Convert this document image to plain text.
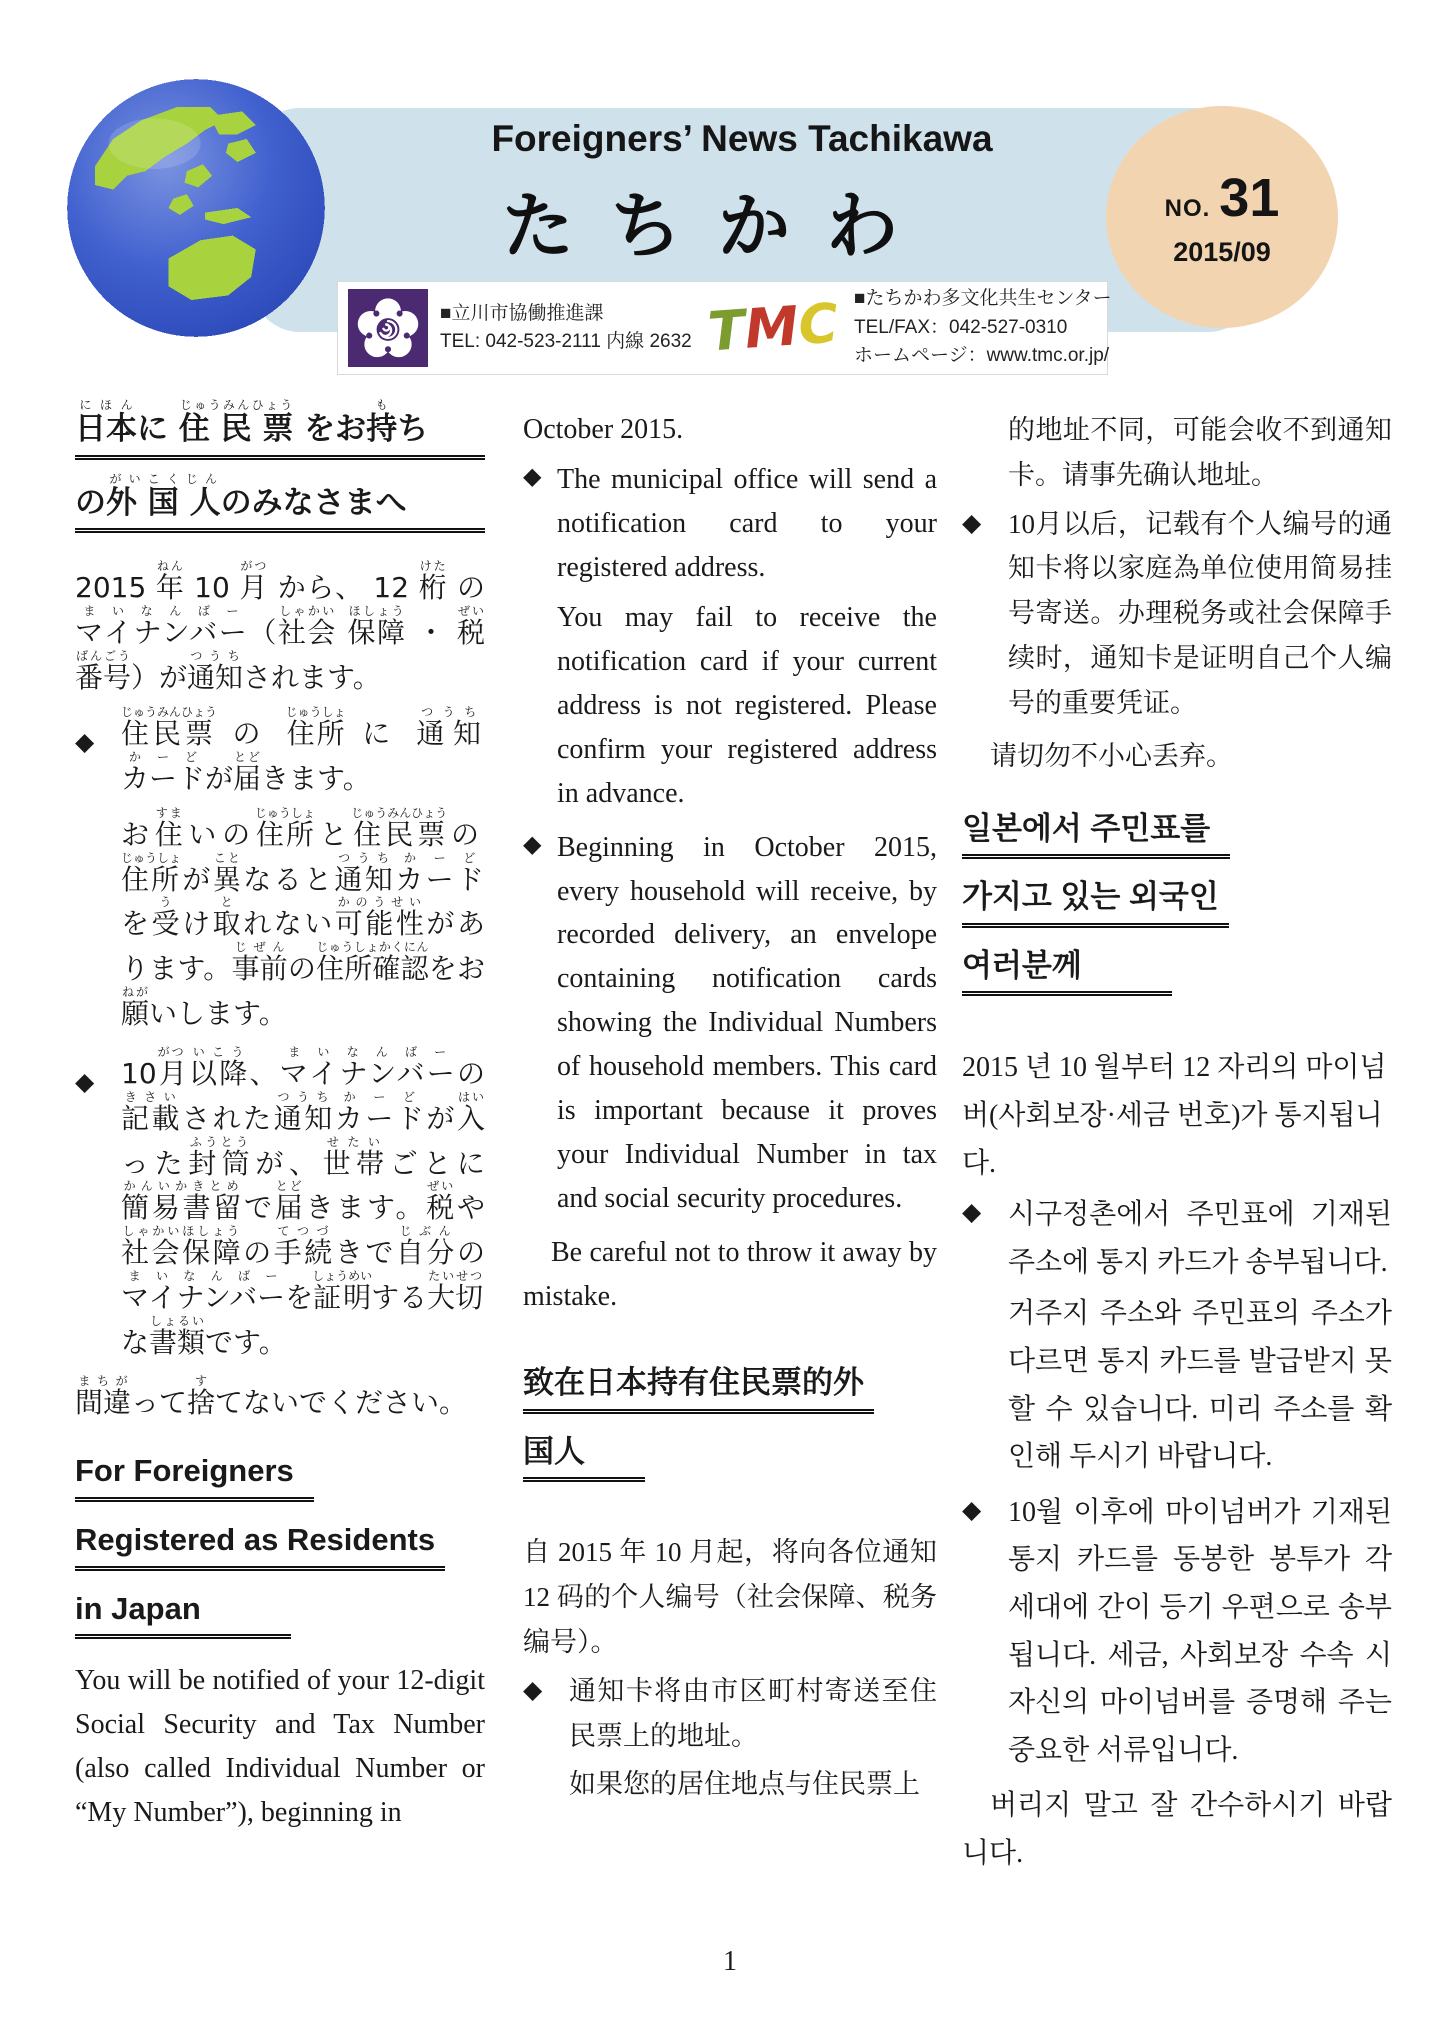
Foreigners’ News Tachikawa
たちかわ	NO. 31
2015/09
■立川市協働推進課
TEL: 042-523-2111 内線 2632 TMC ■たちかわ多文化共生センター
TEL/FAX：042-527-0310
ホームページ：www.tmc.or.jp/
日本にほんに 住 民 票じゅうみんひょう をお持もち
の外 国 人がいこくじんのみなさまへ

2015 年ねん 10 月がつ から、 12 桁けた の マイナンバーまいなんばー（社会しゃかい 保障ほしょう ・ 税ぜい番号ばんごう）が通知つうちされます。

◆ 住民票じゅうみんひょう の 住所じゅうしょ に 通知つうちカードかーどが届とどきます。

お住すまいの住所じゅうしょと住民票じゅうみんひょうの住所じゅうしょが異ことなると通知つうちカードかーどを受うけ取とれない可能性かのうせいがあります。事前じぜんの住所確認じゅうしょかくにんをお願ねがいします。

◆ 10月がつ以降いこう、マイナンバーまいなんばーの記載きさいされた通知つうちカードかーどが入はいった封筒ふうとうが、世帯せたいごとに簡易書留かんいかきとめで届とどきます。税ぜいや社会保障しゃかいほしょうの手続てつづきで自分じぶんのマイナンバーまいなんばーを証明しょうめいする大切たいせつな書類しょるいです。

間違まちがって捨すてないでください。

For Foreigners
Registered as Residents
in Japan

You will be notified of your 12-digit Social Security and Tax Number (also called Individual Number or “My Number”), beginning in

October 2015.

◆ The municipal office will send a notification card to your registered address.

You may fail to receive the notification card if your current address is not registered. Please confirm your registered address in advance.

◆ Beginning in October 2015, every household will receive, by recorded delivery, an envelope containing notification cards showing the Individual Numbers of household members. This card is important because it proves your Individual Number in tax and social security procedures.

Be careful not to throw it away by mistake.

致在日本持有住民票的外
国人

自 2015 年 10 月起，将向各位通知 12 码的个人编号（社会保障、税务编号）。

◆ 通知卡将由市区町村寄送至住民票上的地址。

如果您的居住地点与住民票上

的地址不同，可能会收不到通知卡。请事先确认地址。

◆ 10月以后，记载有个人编号的通知卡将以家庭為单位使用简易挂号寄送。办理税务或社会保障手续时，通知卡是证明自己个人编号的重要凭证。

请切勿不小心丢弃。

일본에서 주민표를
가지고 있는 외국인
여러분께

2015 년 10 월부터 12 자리의 마이넘버(사회보장·세금 번호)가 통지됩니다.

◆ 시구정촌에서 주민표에 기재된 주소에 통지 카드가 송부됩니다.

거주지 주소와 주민표의 주소가 다르면 통지 카드를 발급받지 못할 수 있습니다. 미리 주소를 확인해 두시기 바랍니다.

◆ 10월 이후에 마이넘버가 기재된 통지 카드를 동봉한 봉투가 각 세대에 간이 등기 우편으로 송부됩니다. 세금, 사회보장 수속 시 자신의 마이넘버를 증명해 주는 중요한 서류입니다.

버리지 말고 잘 간수하시기 바랍니다.

1
